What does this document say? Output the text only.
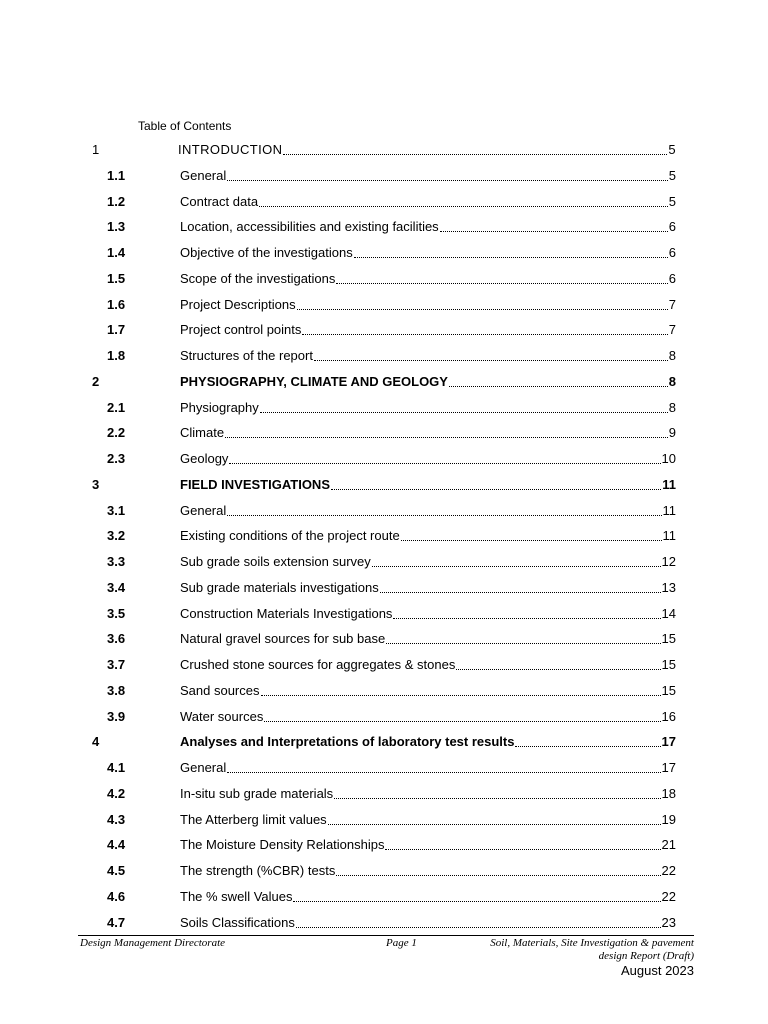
Table of Contents
1	INTRODUCTION	5
1.1	General	5
1.2	Contract data	5
1.3	Location, accessibilities and existing facilities	6
1.4	Objective of the investigations	6
1.5	Scope of the investigations	6
1.6	Project Descriptions	7
1.7	Project control points	7
1.8	Structures of the report	8
2	PHYSIOGRAPHY, CLIMATE AND GEOLOGY	8
2.1	Physiography	8
2.2	Climate	9
2.3	Geology	10
3	FIELD INVESTIGATIONS	11
3.1	General	11
3.2	Existing conditions of the project route	11
3.3	Sub grade soils extension survey	12
3.4	Sub grade materials investigations	13
3.5	Construction Materials Investigations	14
3.6	Natural gravel sources for sub base	15
3.7	Crushed stone sources for aggregates & stones	15
3.8	Sand sources	15
3.9	Water sources	16
4	Analyses and Interpretations of laboratory test results	17
4.1	General	17
4.2	In-situ sub grade materials	18
4.3	The Atterberg limit values	19
4.4	The Moisture Density Relationships	21
4.5	The strength (%CBR) tests	22
4.6	The % swell Values	22
4.7	Soils Classifications	23
Design Management Directorate	Page 1	Soil, Materials, Site Investigation & pavement
design Report (Draft)
August 2023
